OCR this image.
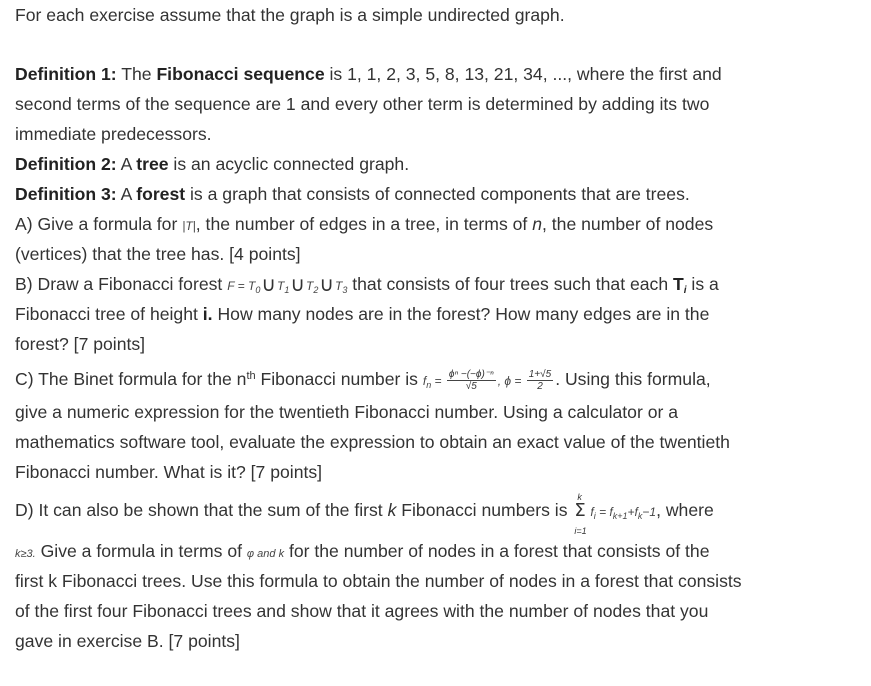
For each exercise assume that the graph is a simple undirected graph.
Definition 1: The Fibonacci sequence is 1, 1, 2, 3, 5, 8, 13, 21, 34, ..., where the first and
second terms of the sequence are 1 and every other term is determined by adding its two
immediate predecessors.
Definition 2: A tree is an acyclic connected graph.
Definition 3: A forest is a graph that consists of connected components that are trees.
A) Give a formula for |T|, the number of edges in a tree, in terms of n, the number of nodes
(vertices) that the tree has. [4 points]
B) Draw a Fibonacci forest $F = T_0\cup T_1\cup T_2\cup T_3$ that consists of four trees such that each $T_i$ is a
Fibonacci tree of height i. How many nodes are in the forest? How many edges are in the
forest? [7 points]
C) The Binet formula for the $n^{th}$ Fibonacci number is $f_n = \frac{\text{ϕⁿ −(−ϕ)⁻ⁿ}}{√5}$ , $\phi = \frac{1+√5}{2}$ . Using this formula,
give a numeric expression for the twentieth Fibonacci number. Using a calculator or a
mathematics software tool, evaluate the expression to obtain an exact value of the twentieth
Fibonacci number. What is it? [7 points]
D) It can also be shown that the sum of the first k Fibonacci numbers is
k
Σ
i=1
$f_i = f_{k+1}+f_k-1$, where
k≥3. Give a formula in terms of φ and k for the number of nodes in a forest that consists of the
first k Fibonacci trees. Use this formula to obtain the number of nodes in a forest that consists
of the first four Fibonacci trees and show that it agrees with the number of nodes that you
gave in exercise B. [7 points]
